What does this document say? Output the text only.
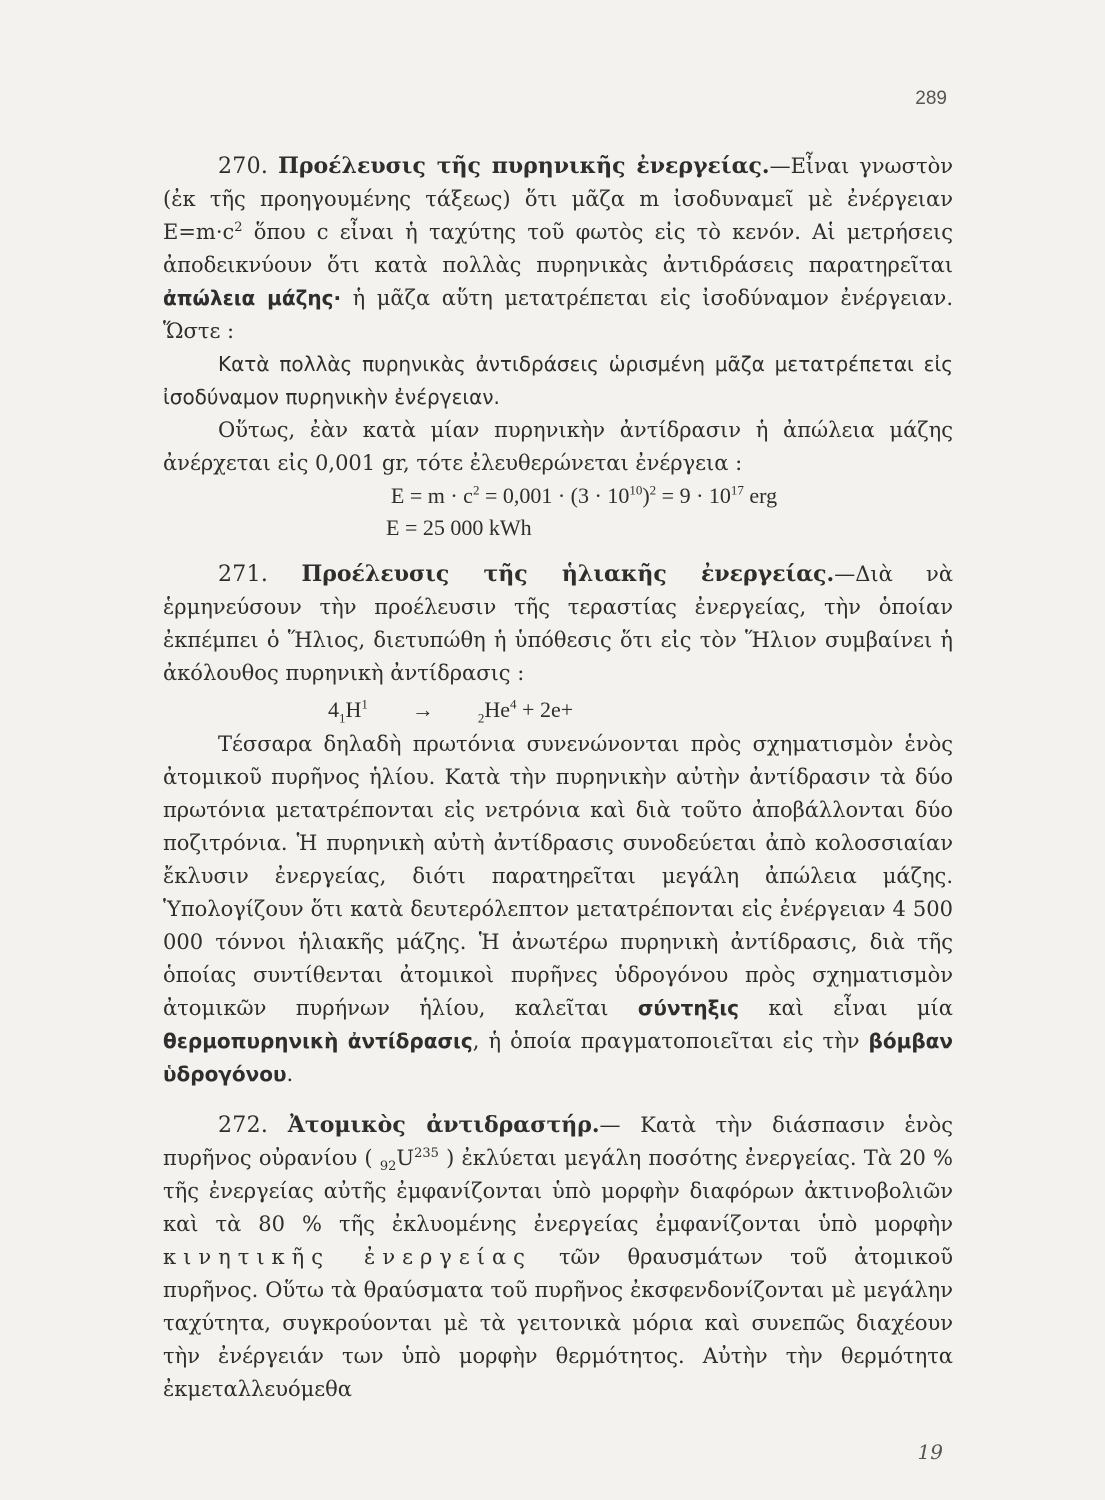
289

270. Προέλευσις τῆς πυρηνικῆς ἐνεργείας.—Εἶναι γνωστὸν (ἐκ τῆς προηγουμένης τάξεως) ὅτι μᾶζα m ἰσοδυναμεῖ μὲ ἐνέργειαν $E=m\cdot c^2$ ὅπου c εἶναι ἡ ταχύτης τοῦ φωτὸς εἰς τὸ κενόν. Αἱ μετρήσεις ἀποδεικνύουν ὅτι κατὰ πολλὰς πυρηνικὰς ἀντιδράσεις παρατηρεῖται ἀπώλεια μάζης· ἡ μᾶζα αὕτη μετατρέπεται εἰς ἰσοδύναμον ἐνέργειαν. Ὥστε :

Κατὰ πολλὰς πυρηνικὰς ἀντιδράσεις ὡρισμένη μᾶζα μετατρέπεται εἰς ἰσοδύναμον πυρηνικὴν ἐνέργειαν.

Οὕτως, ἐὰν κατὰ μίαν πυρηνικὴν ἀντίδρασιν ἡ ἀπώλεια μάζης ἀνέρχεται εἰς 0,001 gr, τότε ἐλευθερώνεται ἐνέργεια :

$E = m \cdot c^2 = 0,001 \cdot (3 \cdot 10^{10})^2 = 9 \cdot 10^{17}$ erg
E = 25 000 kWh

271. Προέλευσις τῆς ἡλιακῆς ἐνεργείας.—Διὰ νὰ ἑρμηνεύσουν τὴν προέλευσιν τῆς τεραστίας ἐνεργείας, τὴν ὁποίαν ἐκπέμπει ὁ Ἥλιος, διετυπώθη ἡ ὑπόθεσις ὅτι εἰς τὸν Ἥλιον συμβαίνει ἡ ἀκόλουθος πυρηνικὴ ἀντίδρασις :

$4_1H^1$ →	$_2He^4 + 2e+$

Τέσσαρα δηλαδὴ πρωτόνια συνενώνονται πρὸς σχηματισμὸν ἑνὸς ἀτομικοῦ πυρῆνος ἡλίου. Κατὰ τὴν πυρηνικὴν αὐτὴν ἀντίδρασιν τὰ δύο πρωτόνια μετατρέπονται εἰς νετρόνια καὶ διὰ τοῦτο ἀποβάλλονται δύο ποζιτρόνια. Ἡ πυρηνικὴ αὐτὴ ἀντίδρασις συνοδεύεται ἀπὸ κολοσσιαίαν ἔκλυσιν ἐνεργείας, διότι παρατηρεῖται μεγάλη ἀπώλεια μάζης. Ὑπολογίζουν ὅτι κατὰ δευτερόλεπτον μετατρέπονται εἰς ἐνέργειαν 4 500 000 τόννοι ἡλιακῆς μάζης. Ἡ ἀνωτέρω πυρηνικὴ ἀντίδρασις, διὰ τῆς ὁποίας συντίθενται ἀτομικοὶ πυρῆνες ὑδρογόνου πρὸς σχηματισμὸν ἀτομικῶν πυρήνων ἡλίου, καλεῖται σύντηξις καὶ εἶναι μία θερμοπυρηνικὴ ἀντίδρασις, ἡ ὁποία πραγματοποιεῖται εἰς τὴν βόμβαν ὑδρογόνου.

272. Ἀτομικὸς ἀντιδραστήρ.— Κατὰ τὴν διάσπασιν ἑνὸς πυρῆνος οὐρανίου ( $_{92}U^{235}$ ) ἐκλύεται μεγάλη ποσότης ἐνεργείας. Τὰ 20 % τῆς ἐνεργείας αὐτῆς ἐμφανίζονται ὑπὸ μορφὴν διαφόρων ἀκτινοβολιῶν καὶ τὰ 80 % τῆς ἐκλυομένης ἐνεργείας ἐμφανίζονται ὑπὸ μορφὴν κινητικῆς ἐνεργείας τῶν θραυσμάτων τοῦ ἀτομικοῦ πυρῆνος. Οὕτω τὰ θραύσματα τοῦ πυρῆνος ἐκσφενδονίζονται μὲ μεγάλην ταχύτητα, συγκρούονται μὲ τὰ γειτονικὰ μόρια καὶ συνεπῶς διαχέουν τὴν ἐνέργειάν των ὑπὸ μορφὴν θερμότητος. Αὐτὴν τὴν θερμότητα ἐκμεταλλευόμεθα

19
